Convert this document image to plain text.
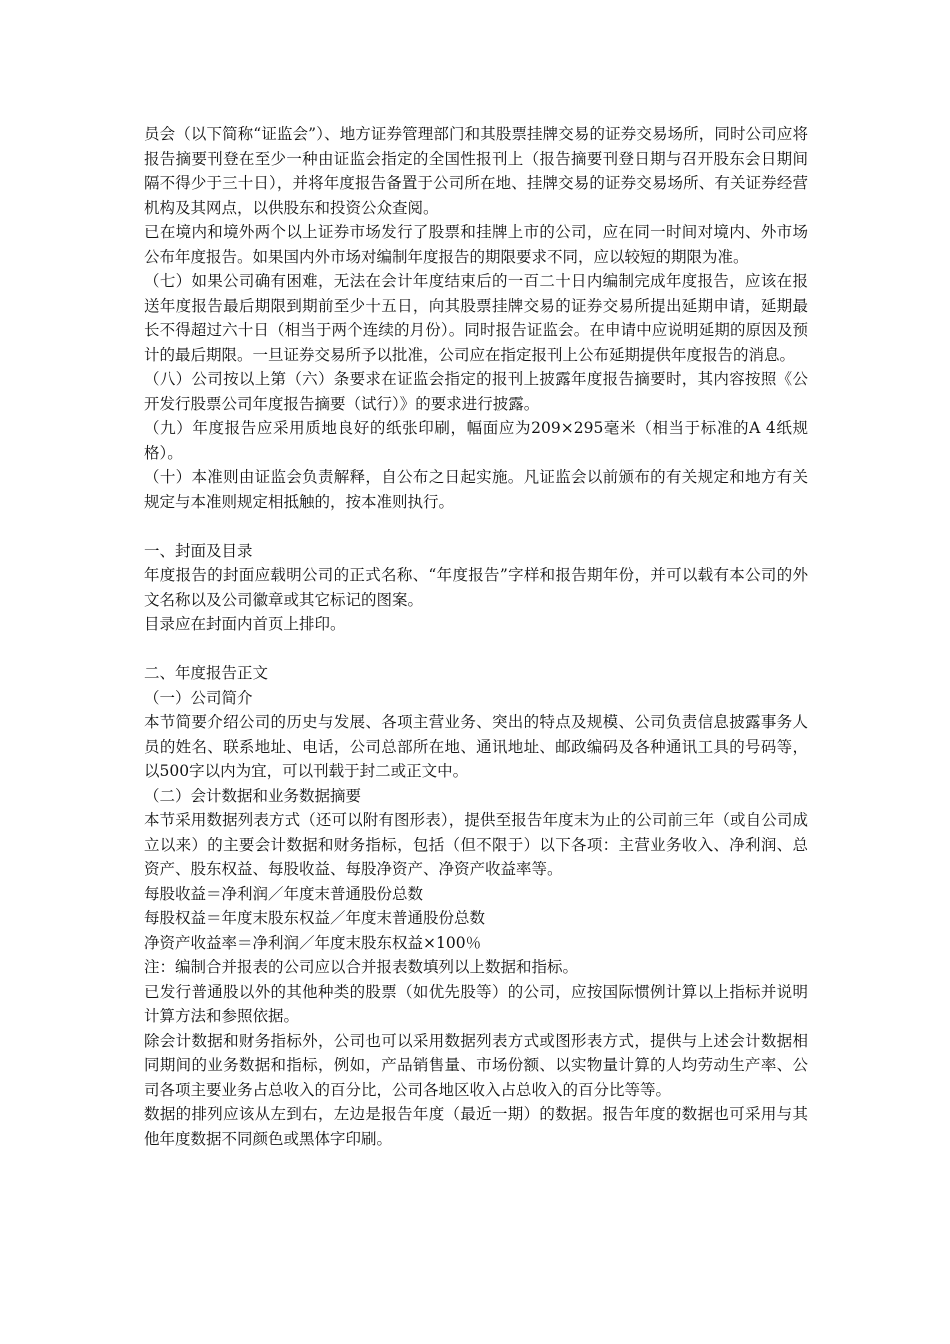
员会（以下简称“证监会”）、地方证券管理部门和其股票挂牌交易的证券交易场所，同时公司应将报告摘要刊登在至少一种由证监会指定的全国性报刊上（报告摘要刊登日期与召开股东会日期间隔不得少于三十日），并将年度报告备置于公司所在地、挂牌交易的证券交易场所、有关证券经营机构及其网点，以供股东和投资公众查阅。

已在境内和境外两个以上证券市场发行了股票和挂牌上市的公司，应在同一时间对境内、外市场公布年度报告。如果国内外市场对编制年度报告的期限要求不同，应以较短的期限为准。

（七）如果公司确有困难，无法在会计年度结束后的一百二十日内编制完成年度报告，应该在报送年度报告最后期限到期前至少十五日，向其股票挂牌交易的证券交易所提出延期申请，延期最长不得超过六十日（相当于两个连续的月份）。同时报告证监会。在申请中应说明延期的原因及预计的最后期限。一旦证券交易所予以批准，公司应在指定报刊上公布延期提供年度报告的消息。

（八）公司按以上第（六）条要求在证监会指定的报刊上披露年度报告摘要时，其内容按照《公开发行股票公司年度报告摘要（试行）》的要求进行披露。

（九）年度报告应采用质地良好的纸张印刷，幅面应为209×295毫米（相当于标准的A 4纸规格）。

（十）本准则由证监会负责解释，自公布之日起实施。凡证监会以前颁布的有关规定和地方有关规定与本准则规定相抵触的，按本准则执行。

一、封面及目录

年度报告的封面应载明公司的正式名称、“年度报告”字样和报告期年份，并可以载有本公司的外文名称以及公司徽章或其它标记的图案。

目录应在封面内首页上排印。

二、年度报告正文

（一）公司简介

本节简要介绍公司的历史与发展、各项主营业务、突出的特点及规模、公司负责信息披露事务人员的姓名、联系地址、电话，公司总部所在地、通讯地址、邮政编码及各种通讯工具的号码等，以500字以内为宜，可以刊载于封二或正文中。

（二）会计数据和业务数据摘要

本节采用数据列表方式（还可以附有图形表），提供至报告年度末为止的公司前三年（或自公司成立以来）的主要会计数据和财务指标，包括（但不限于）以下各项：主营业务收入、净利润、总资产、股东权益、每股收益、每股净资产、净资产收益率等。

每股收益＝净利润／年度末普通股份总数

每股权益＝年度末股东权益／年度末普通股份总数

净资产收益率＝净利润／年度末股东权益×100％

注：编制合并报表的公司应以合并报表数填列以上数据和指标。

已发行普通股以外的其他种类的股票（如优先股等）的公司，应按国际惯例计算以上指标并说明计算方法和参照依据。

除会计数据和财务指标外，公司也可以采用数据列表方式或图形表方式，提供与上述会计数据相同期间的业务数据和指标，例如，产品销售量、市场份额、以实物量计算的人均劳动生产率、公司各项主要业务占总收入的百分比，公司各地区收入占总收入的百分比等等。

数据的排列应该从左到右，左边是报告年度（最近一期）的数据。报告年度的数据也可采用与其他年度数据不同颜色或黑体字印刷。
